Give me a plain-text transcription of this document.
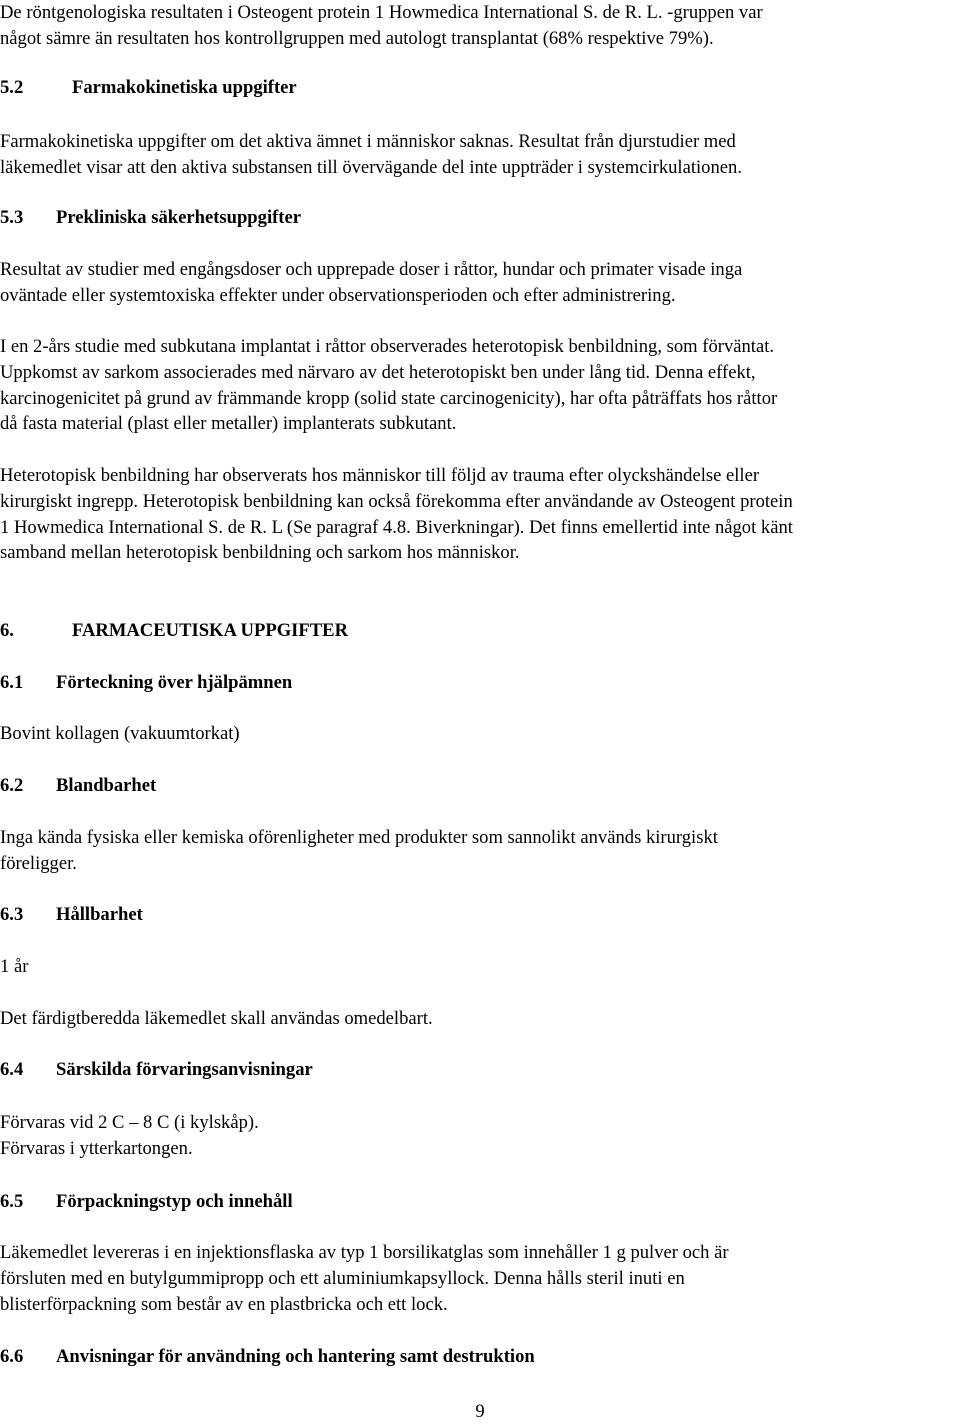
De röntgenologiska resultaten i Osteogent protein 1 Howmedica International S. de R. L. -gruppen var
något sämre än resultaten hos kontrollgruppen med autologt transplantat (68% respektive 79%).

5.2	Farmakokinetiska uppgifter

Farmakokinetiska uppgifter om det aktiva ämnet i människor saknas. Resultat från djurstudier med
läkemedlet visar att den aktiva substansen till övervägande del inte uppträder i systemcirkulationen.

5.3 Prekliniska säkerhetsuppgifter

Resultat av studier med engångsdoser och upprepade doser i råttor, hundar och primater visade inga
oväntade eller systemtoxiska effekter under observationsperioden och efter administrering.

I en 2-års studie med subkutana implantat i råttor observerades heterotopisk benbildning, som förväntat.
Uppkomst av sarkom associerades med närvaro av det heterotopiskt ben under lång tid. Denna effekt,
karcinogenicitet på grund av främmande kropp (solid state carcinogenicity), har ofta påträffats hos råttor
då fasta material (plast eller metaller) implanterats subkutant.

Heterotopisk benbildning har observerats hos människor till följd av trauma efter olyckshändelse eller
kirurgiskt ingrepp. Heterotopisk benbildning kan också förekomma efter användande av Osteogent protein
1 Howmedica International S. de R. L (Se paragraf 4.8. Biverkningar). Det finns emellertid inte något känt
samband mellan heterotopisk benbildning och sarkom hos människor.

6.	FARMACEUTISKA UPPGIFTER
6.1 Förteckning över hjälpämnen

Bovint kollagen (vakuumtorkat)

6.2 Blandbarhet

Inga kända fysiska eller kemiska oförenligheter med produkter som sannolikt används kirurgiskt
föreligger.

6.3 Hållbarhet

1 år

Det färdigtberedda läkemedlet skall användas omedelbart.

6.4 Särskilda förvaringsanvisningar

Förvaras vid 2 C – 8 C (i kylskåp).
Förvaras i ytterkartongen.

6.5 Förpackningstyp och innehåll

Läkemedlet levereras i en injektionsflaska av typ 1 borsilikatglas som innehåller 1 g pulver och är
försluten med en butylgummipropp och ett aluminiumkapsyllock. Denna hålls steril inuti en
blisterförpackning som består av en plastbricka och ett lock.

6.6 Anvisningar för användning och hantering samt destruktion
9
